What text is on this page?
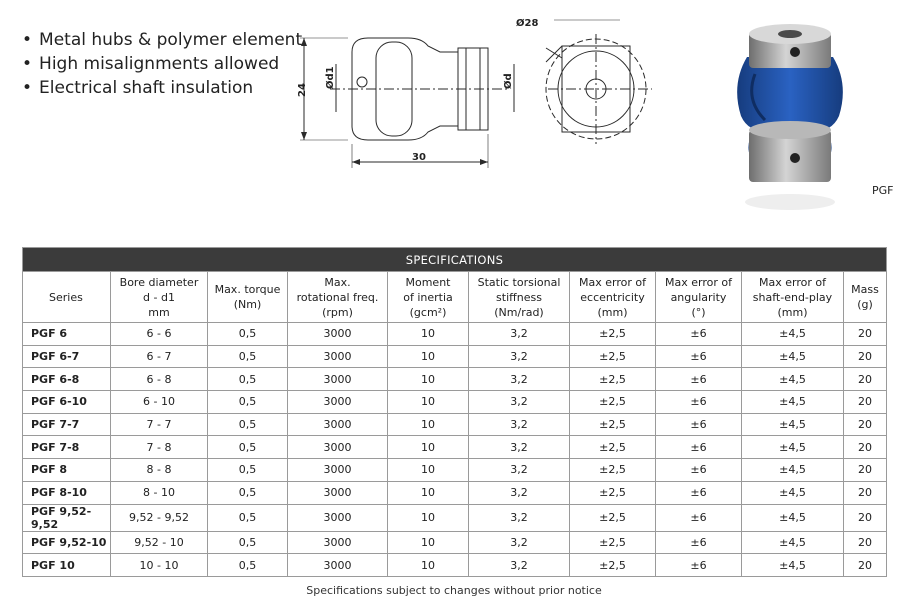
• Metal hubs & polymer element
• High misalignments allowed
• Electrical shaft insulation	24
Ød1	Ød
30
Ø28
PGF
SPECIFICATIONS									
Series	Bore diameter
d - d1
mm	Max. torque
(Nm)	Max.
rotational freq.
(rpm)	Moment
of inertia
(gcm²)	Static torsional
stiffness
(Nm/rad)	Max error of
eccentricity
(mm)	Max error of
angularity
(°)	Max error of
shaft-end-play
(mm)	Mass
(g)
PGF 6	6 - 6	0,5	3000	10	3,2	±2,5	±6	±4,5	20
PGF 6-7	6 - 7	0,5	3000	10	3,2	±2,5	±6	±4,5	20
PGF 6-8	6 - 8	0,5	3000	10	3,2	±2,5	±6	±4,5	20
PGF 6-10	6 - 10	0,5	3000	10	3,2	±2,5	±6	±4,5	20
PGF 7-7	7 - 7	0,5	3000	10	3,2	±2,5	±6	±4,5	20
PGF 7-8	7 - 8	0,5	3000	10	3,2	±2,5	±6	±4,5	20
PGF 8	8 - 8	0,5	3000	10	3,2	±2,5	±6	±4,5	20
PGF 8-10	8 - 10	0,5	3000	10	3,2	±2,5	±6	±4,5	20
PGF 9,52-9,52	9,52 - 9,52	0,5	3000	10	3,2	±2,5	±6	±4,5	20
PGF 9,52-10	9,52 - 10	0,5	3000	10	3,2	±2,5	±6	±4,5	20
PGF 10	10 - 10	0,5	3000	10	3,2	±2,5	±6	±4,5	20
Specifications subject to changes without prior notice
